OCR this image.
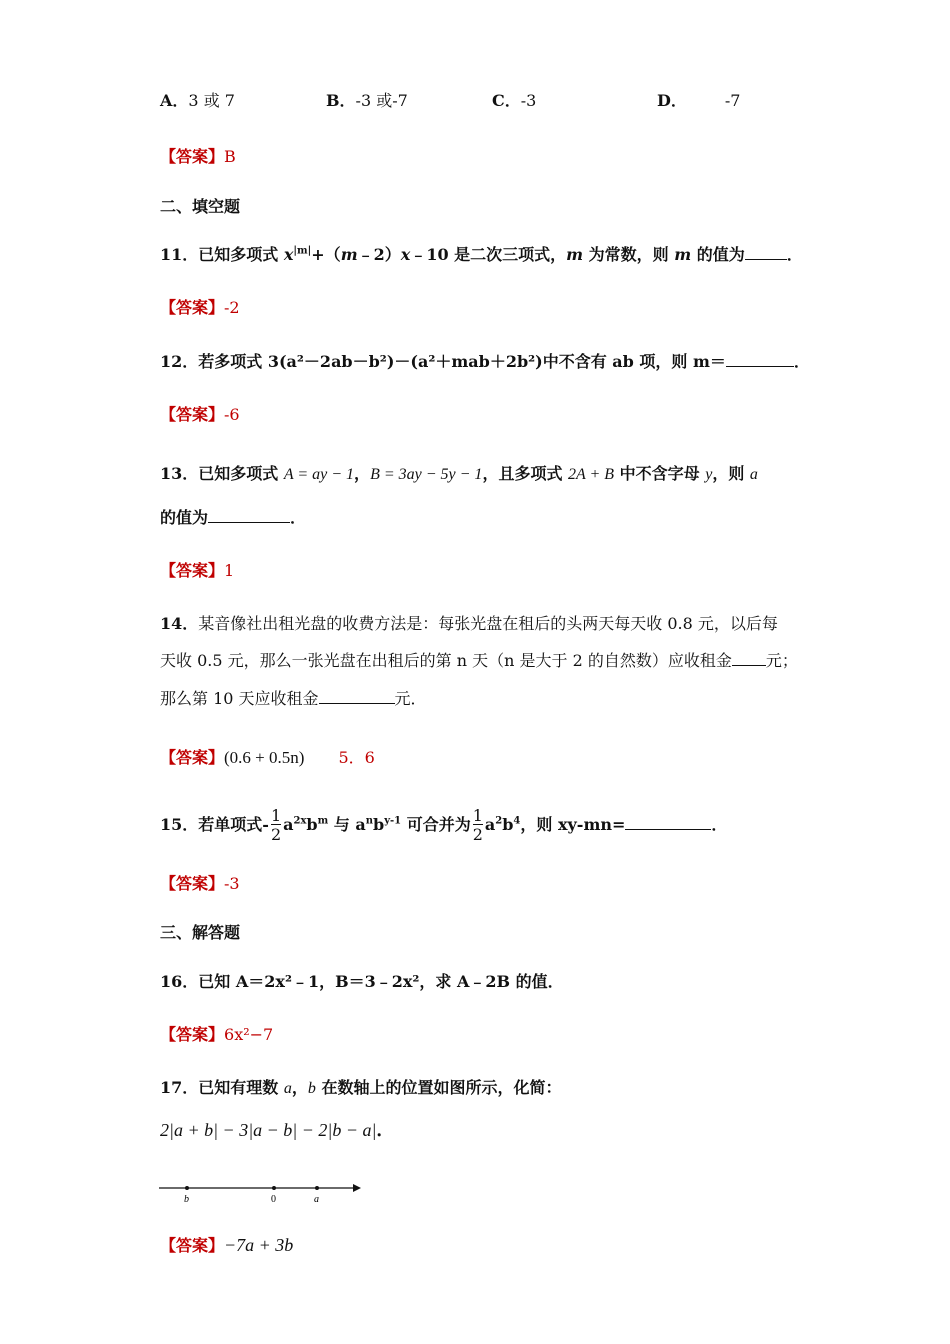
A．3 或 7	B．-3 或-7	C．-3	D． -7
【答案】B
二、填空题
11．已知多项式 $x^{|m|}+(m﹣2)x﹣10$ 是二次三项式，m 为常数，则 m 的值为	．
【答案】-2
12．若多项式 3(a²－2ab－b²)－(a²＋mab＋2b²)中不含有 ab 项，则 m＝	．
【答案】-6
13．已知多项式 A = ay − 1，B = 3ay − 5y − 1，且多项式 2A + B 中不含字母 y，则 a
的值为	．
【答案】1
14．某音像社出租光盘的收费方法是：每张光盘在租后的头两天每天收 0.8 元，以后每
天收 0.5 元，那么一张光盘在出租后的第 n 天（n 是大于 2 的自然数）应收租金 元；
那么第 10 天应收租金	元．
【答案】(0.6 + 0.5n) 5．6
15．若单项式- $\frac{1}{2} a^{2x}b^m$ 与 $a^nb^{y-1}$ 可合并为 $\frac{1}{2} a^2b^4$，则 xy-mn=	．
【答案】-3
三、解答题
16．已知 A＝2x²﹣1，B＝3﹣2x²，求 A﹣2B 的值．
【答案】6x²−7
17．已知有理数 a，b 在数轴上的位置如图所示，化简：
2|a + b| − 3|a − b| − 2|b − a|．
b	0	a
【答案】−7a + 3b
